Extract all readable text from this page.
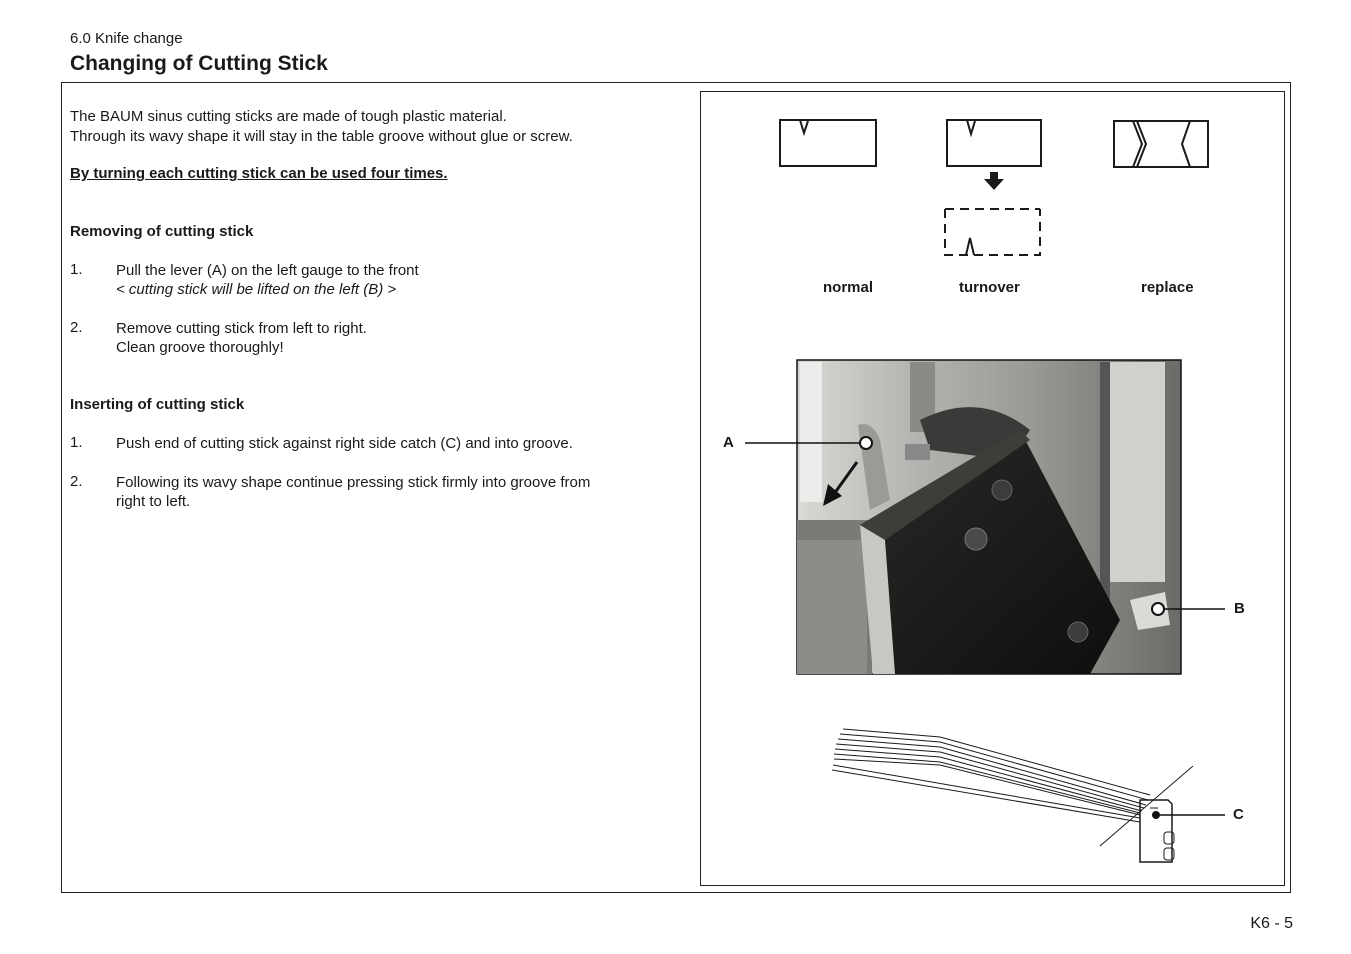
6.0 Knife change
Changing of Cutting Stick

The BAUM sinus cutting sticks are made of tough plastic material.

Through its wavy shape it will stay in the table groove without glue or screw.

By turning each cutting stick can be used four times.
Removing of cutting stick
1. Pull the lever (A) on the left gauge to the front
< cutting stick will be lifted on the left (B) >
2. Remove cutting stick from left to right.
Clean groove thoroughly!
Inserting of cutting stick
1. Push end of cutting stick against right side catch (C) and into groove.
2. Following its wavy shape continue pressing stick firmly into groove from
right to left.
normal	turnover	replace
A
B
C
K6 - 5
